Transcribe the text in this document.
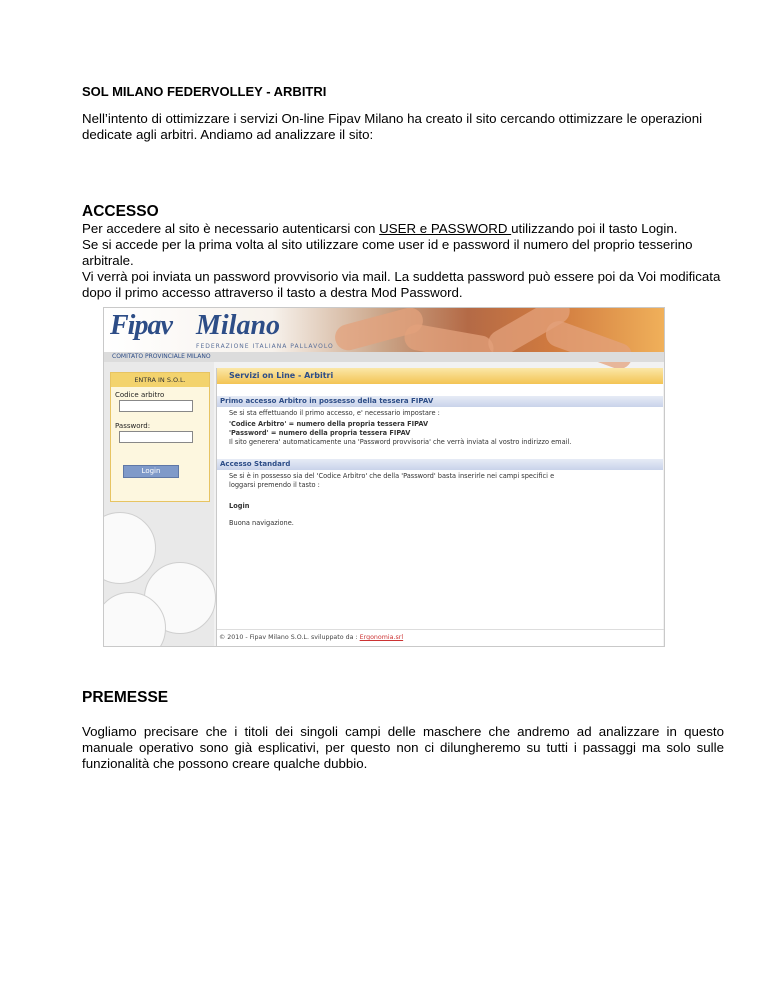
SOL MILANO FEDERVOLLEY - ARBITRI

Nell’intento di ottimizzare i servizi On-line Fipav Milano ha creato il sito cercando ottimizzare le operazioni dedicate agli arbitri. Andiamo ad analizzare il sito:

ACCESSO

Per accedere al sito è necessario autenticarsi con USER e PASSWORD utilizzando poi il tasto Login.
Se si accede per la prima volta al sito utilizzare come user id e password il numero del proprio tesserino arbitrale.
Vi verrà poi inviata un password provvisorio via mail. La suddetta password può essere poi da Voi modificata dopo il primo accesso attraverso il tasto a destra Mod Password.
Fipav Milano
FEDERAZIONE ITALIANA PALLAVOLO
COMITATO PROVINCIALE MILANO
ENTRA IN S.O.L.
Codice arbitro
Password:
Login
Servizi on Line - Arbitri
Primo accesso Arbitro in possesso della tessera FIPAV
Se si sta effettuando il primo accesso, e' necessario impostare :
'Codice Arbitro' = numero della propria tessera FIPAV
'Password' = numero della propria tessera FIPAV
Il sito generera' automaticamente una 'Password provvisoria' che verrà inviata al vostro indirizzo email.
Accesso Standard
Se si è in possesso sia del 'Codice Arbitro' che della 'Password' basta inserirle nei campi specifici e
loggarsi premendo il tasto :
Login
Buona navigazione.
© 2010 - Fipav Milano S.O.L. sviluppato da : Ergonomia.srl

PREMESSE

Vogliamo precisare che i titoli dei singoli campi delle maschere che andremo ad analizzare in questo manuale operativo sono già esplicativi, per questo non ci dilungheremo su tutti i passaggi ma solo sulle funzionalità che possono creare qualche dubbio.
